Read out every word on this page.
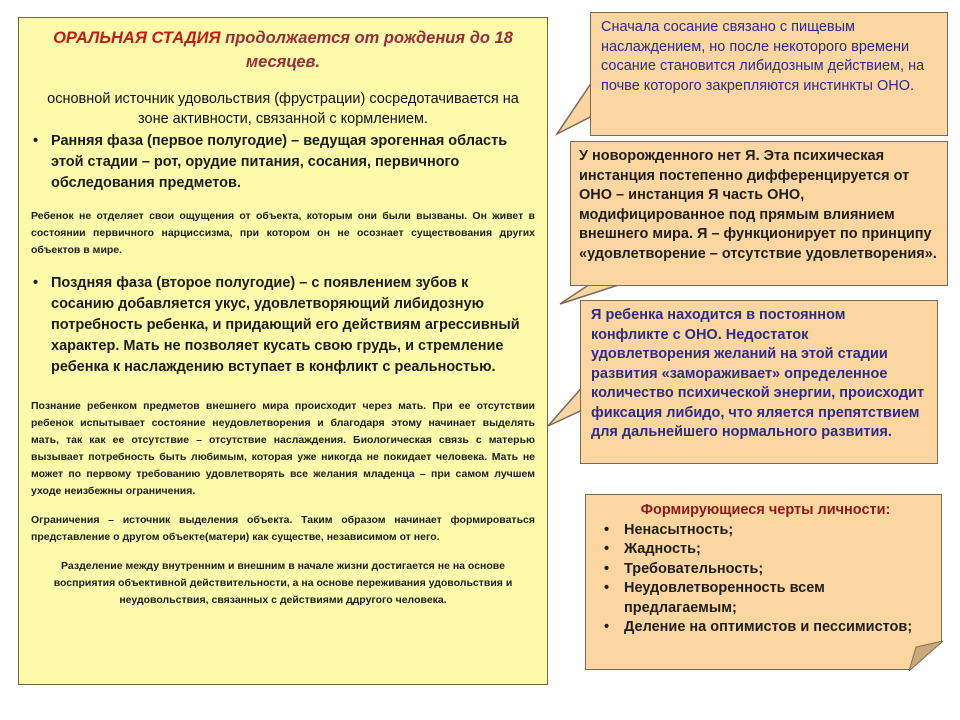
ОРАЛЬНАЯ СТАДИЯ продолжается от рождения до 18 месяцев.
основной источник удовольствия (фрустрации) сосредотачивается на зоне активности, связанной с кормлением.
• Ранняя фаза (первое полугодие) – ведущая эрогенная область этой стадии – рот, орудие питания, сосания, первичного обследования предметов.
Ребенок не отделяет свои ощущения от объекта, которым они были вызваны. Он живет в состоянии первичного нарциссизма, при котором он не осознает существования других объектов в мире.
• Поздняя фаза (второе полугодие) – с появлением зубов к сосанию добавляется укус, удовлетворяющий либидозную потребность ребенка, и придающий его действиям агрессивный характер. Мать не позволяет кусать свою грудь, и стремление ребенка к наслаждению вступает в конфликт с реальностью.
Познание ребенком предметов внешнего мира происходит через мать. При ее отсутствии ребенок испытывает состояние неудовлетворения и благодаря этому начинает выделять мать, так как ее отсутствие – отсутствие наслаждения. Биологическая связь с матерью вызывает потребность быть любимым, которая уже никогда не покидает человека. Мать не может по первому требованию удовлетворять все желания младенца – при самом лучшем уходе неизбежны ограничения.
Ограничения – источник выделения объекта. Таким образом начинает формироваться представление о другом объекте(матери) как существе, независимом от него.
Разделение между внутренним и внешним в начале жизни достигается не на основе восприятия объективной действительности, а на основе переживания удовольствия и неудовольствия, связанных с действиями ддругого человека.
Сначала сосание связано с пищевым наслаждением, но после некоторого времени сосание становится либидозным действием, на почве которого закрепляются инстинкты ОНО.
У новорожденного нет Я. Эта психическая инстанция постепенно дифференцируется от ОНО – инстанция Я часть ОНО, модифицированное под прямым влиянием внешнего мира. Я – функционирует по принципу «удовлетворение – отсутствие удовлетворения».
Я ребенка находится в постоянном конфликте с ОНО. Недостаток удовлетворения желаний на этой стадии развития «замораживает» определенное количество психической энергии, происходит фиксация либидо, что яляется препятствием для дальнейшего нормального развития.
Формирующиеся черты личности:
• Ненасытность;
• Жадность;
• Требовательность;
• Неудовлетворенность всем предлагаемым;
• Деление на оптимистов и пессимистов;
